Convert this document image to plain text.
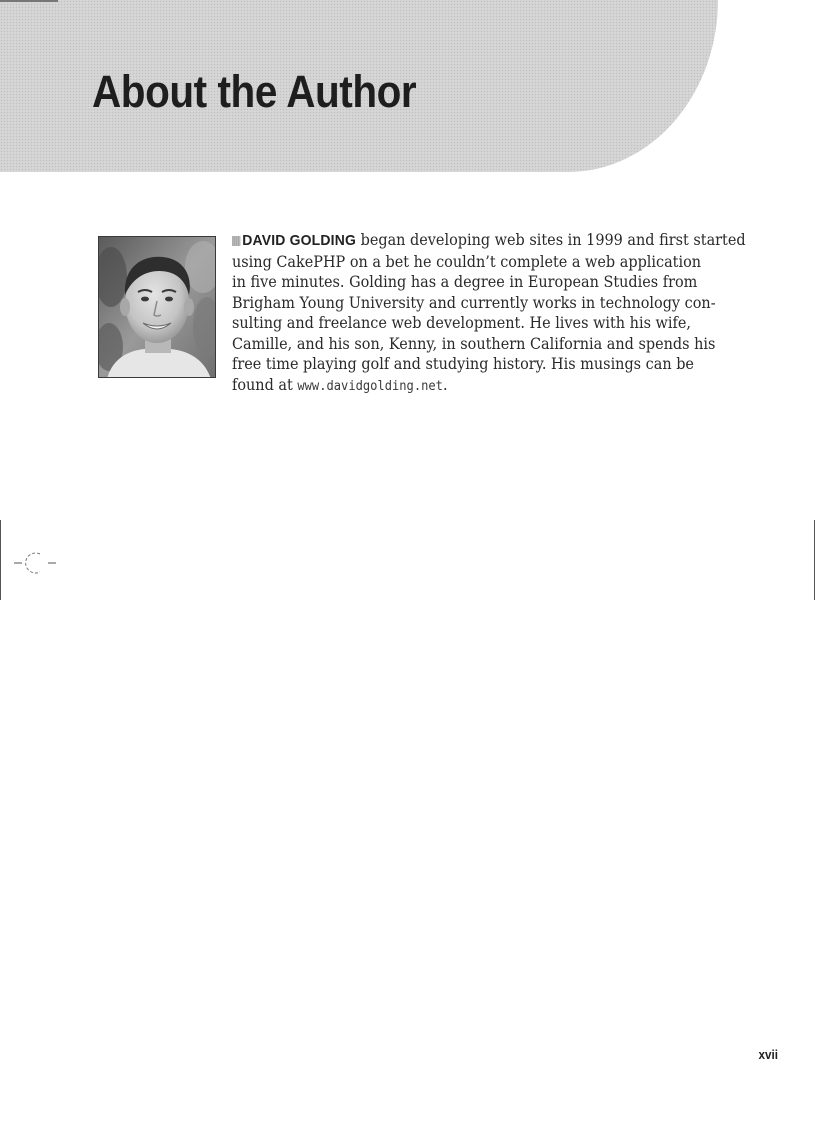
About the Author

DAVID GOLDING began developing web sites in 1999 and first started
using CakePHP on a bet he couldn’t complete a web application
in five minutes. Golding has a degree in European Studies from
Brigham Young University and currently works in technology con-
sulting and freelance web development. He lives with his wife,
Camille, and his son, Kenny, in southern California and spends his
free time playing golf and studying history. His musings can be
found at www.davidgolding.net.

xvii
